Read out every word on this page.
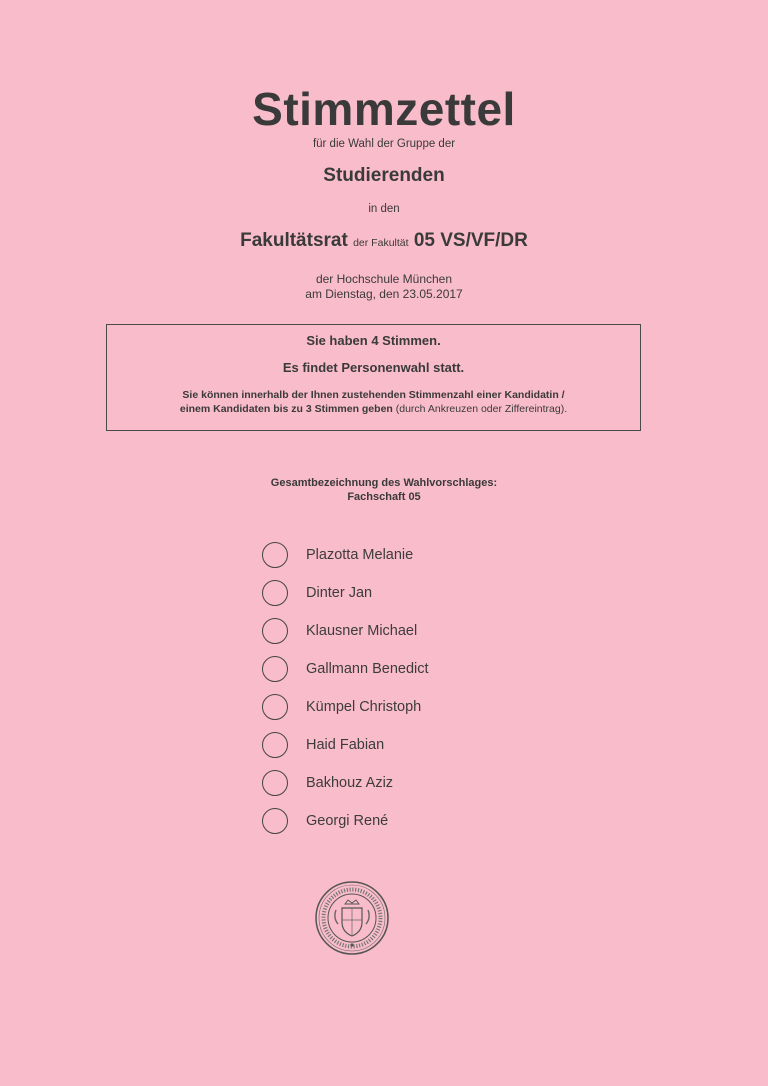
Stimmzettel
für die Wahl der Gruppe der
Studierenden
in den
Fakultätsrat der Fakultät 05 VS/VF/DR
der Hochschule München
am Dienstag, den 23.05.2017
Sie haben 4 Stimmen.
Es findet Personenwahl statt.
Sie können innerhalb der Ihnen zustehenden Stimmenzahl einer Kandidatin /
einem Kandidaten bis zu 3 Stimmen geben (durch Ankreuzen oder Ziffereintrag).
Gesamtbezeichnung des Wahlvorschlages:
Fachschaft 05
Plazotta Melanie
Dinter Jan
Klausner Michael
Gallmann Benedict
Kümpel Christoph
Haid Fabian
Bakhouz Aziz
Georgi René
